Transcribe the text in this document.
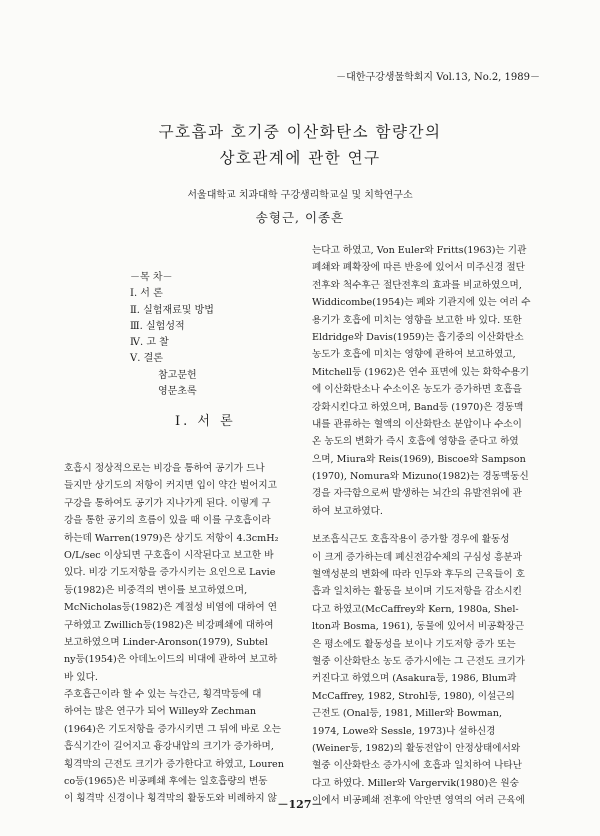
－대한구강생물학회지 Vol.13, No.2, 1989－
구호흡과 호기중 이산화탄소 함량간의
상호관계에 관한 연구
서울대학교 치과대학 구강생리학교실 및 치학연구소
송형근, 이종흔
－목 차－
Ⅰ. 서 론
Ⅱ. 실험재료및 방법
Ⅲ. 실험성적
Ⅳ. 고 찰
Ⅴ. 결론
참고문헌
영문초록
Ⅰ. 서 론
호흡시 정상적으로는 비강을 통하여 공기가 드나
들지만 상기도의 저항이 커지면 입이 약간 벌어지고
구강을 통하여도 공기가 지나가게 된다. 이렇게 구
강을 통한 공기의 흐름이 있을 때 이를 구호흡이라
하는데 Warren(1979)은 상기도 저항이 4.3cmH₂
O/L/sec 이상되면 구호흡이 시작된다고 보고한 바
있다. 비강 기도저항을 증가시키는 요인으로 Lavie
등(1982)은 비중격의 변이를 보고하였으며,
McNicholas등(1982)은 계절성 비염에 대하여 연
구하였고 Zwillich등(1982)은 비강폐쇄에 대하여
보고하였으며 Linder-Aronson(1979), Subtel
ny등(1954)은 아데노이드의 비대에 관하여 보고하
바 있다.
주호흡근이라 할 수 있는 늑간근, 횡격막등에 대
하여는 많은 연구가 되어 Willey와 Zechman
(1964)은 기도저항을 증가시키면 그 뒤에 바로 오는
흡식기간이 길어지고 흉강내압의 크기가 증가하며,
횡격막의 근전도 크기가 증가한다고 하였고, Louren
co등(1965)은 비공폐쇄 후에는 일호흡량의 변동
이 횡격막 신경이나 횡격막의 활동도와 비례하지 않
는다고 하였고, Von Euler와 Fritts(1963)는 기관
폐쇄와 폐확장에 따른 반응에 있어서 미주신경 절단
전후와 척수후근 절단전후의 효과를 비교하였으며,
Widdicombe(1954)는 폐와 기관지에 있는 여러 수
용기가 호흡에 미치는 영향을 보고한 바 있다. 또한
Eldridge와 Davis(1959)는 흡기중의 이산화탄소
농도가 호흡에 미치는 영향에 관하여 보고하였고,
Mitchell등 (1962)은 연수 표면에 있는 화학수용기
에 이산화탄소나 수소이온 농도가 증가하면 호흡을
강화시킨다고 하였으며, Band등 (1970)은 경동맥
내를 관류하는 혈액의 이산화탄소 분압이나 수소이
온 농도의 변화가 즉시 호흡에 영향을 준다고 하였
으며, Miura와 Reis(1969), Biscoe와 Sampson
(1970), Nomura와 Mizuno(1982)는 경동맥동신
경을 자극함으로써 발생하는 뇌간의 유발전위에 관
하여 보고하였다.
보조흡식근도 호흡작용이 증가할 경우에 활동성
이 크게 증가하는데 폐신전감수체의 구심성 흥분과
혈액성분의 변화에 따라 인두와 후두의 근육들이 호
흡과 일치하는 활동을 보이며 기도저항을 감소시킨
다고 하였고(McCaffrey와 Kern, 1980a, Shel-
lton과 Bosma, 1961), 동물에 있어서 비공확장근
은 평소에도 활동성을 보이나 기도저항 증가 또는
혈중 이산화탄소 농도 증가시에는 그 근전도 크기가
커진다고 하였으며 (Asakura등, 1986, Blum과
McCaffrey, 1982, Strohl등, 1980), 이설근의
근전도 (Onal등, 1981, Miller와 Bowman,
1974, Lowe와 Sessle, 1973)나 설하신경
(Weiner등, 1982)의 활동전압이 안정상태에서와
혈중 이산화탄소 증가시에 호흡과 일치하여 나타난
다고 하였다. Miller와 Vargervik(1980)은 원숭
이에서 비공폐쇄 전후에 악안면 영역의 여러 근육에
－127－
